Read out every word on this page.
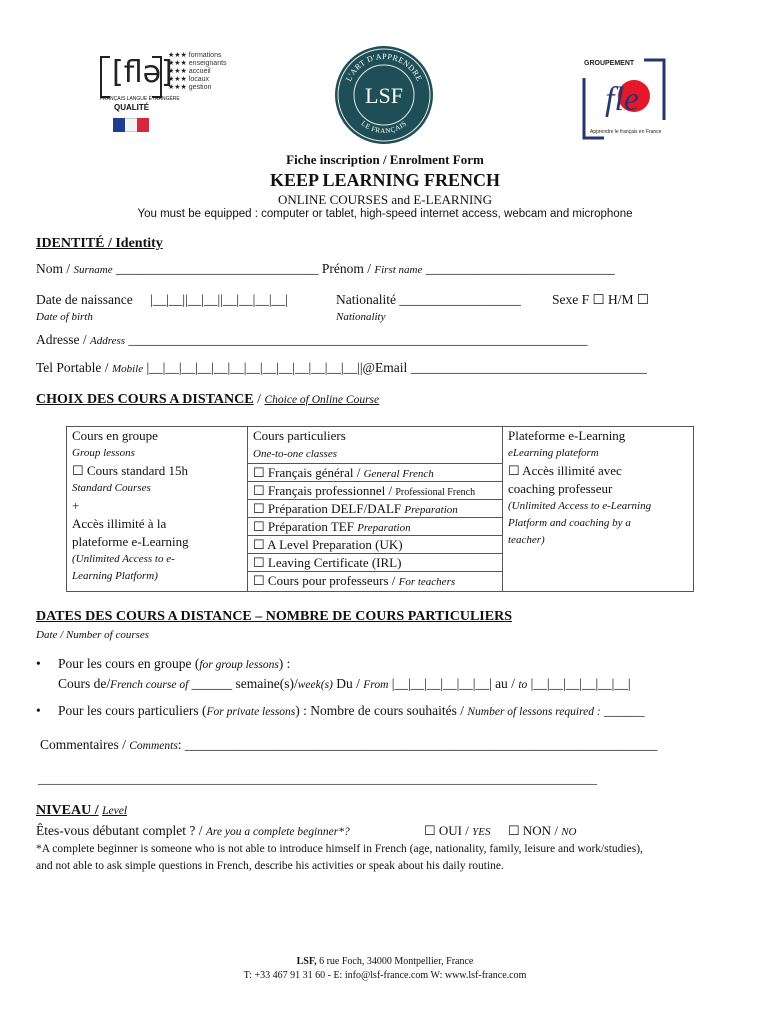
[flə]
★★★ formations
★★★ enseignants
★★★ accueil
★★★ locaux
★★★ gestion
FRANÇAIS LANGUE ÉTRANGÈRE
QUALITÉ
L'ART D'APPRENDRE
LE FRANÇAIS
LSF	fle
GROUPEMENT
Apprendre le français en France
Fiche inscription / Enrolment Form
KEEP LEARNING FRENCH
ONLINE COURSES and E-LEARNING
You must be equipped : computer or tablet, high-speed internet access, webcam and microphone
IDENTITÉ / Identity
Nom / Surname ______________________________ Prénom / First name ____________________________
Date de naissance |__|__||__|__||__|__|__|__|
Date of birth
Nationalité __________________
Nationality
Sexe F ☐ H/M ☐
Adresse / Address ____________________________________________________________________
Tel Portable / Mobile |__|__|__|__|__|__|__|__|__|__|__|__|__||@Email ___________________________________
CHOIX DES COURS A DISTANCE / Choice of Online Course
Cours en groupe
Group lessons
☐ Cours standard 15h
Standard Courses
+
Accès illimité à la
plateforme e-Learning
(Unlimited Access to e-
Learning Platform)

Cours particuliers
One-to-one classes
☐ Français général / General French
☐ Français professionnel / Professional French
☐ Préparation DELF/DALF Preparation
☐ Préparation TEF Preparation
☐ A Level Preparation (UK)
☐ Leaving Certificate (IRL)
☐ Cours pour professeurs / For teachers

Plateforme e-Learning
eLearning plateform
☐ Accès illimité avec
coaching professeur
(Unlimited Access to e-Learning
Platform and coaching by a
teacher)
DATES DES COURS A DISTANCE – NOMBRE DE COURS PARTICULIERS
Date / Number of courses
• Pour les cours en groupe (for group lessons) :
Cours de/French course of ______ semaine(s)/week(s) Du / From |__|__|__|__|__|__| au / to |__|__|__|__|__|__|
• Pour les cours particuliers (For private lessons) : Nombre de cours souhaités / Number of lessons required : ______
Commentaires / Comments: ______________________________________________________________________
______________________________________________________________________________________
NIVEAU / Level
Êtes-vous débutant complet ? / Are you a complete beginner*?	☐ OUI / YES ☐ NON / NO
*A complete beginner is someone who is not able to introduce himself in French (age, nationality, family, leisure and work/studies),
and not able to ask simple questions in French, describe his activities or speak about his daily routine.
LSF, 6 rue Foch, 34000 Montpellier, France
T: +33 467 91 31 60 - E: info@lsf-france.com W: www.lsf-france.com
